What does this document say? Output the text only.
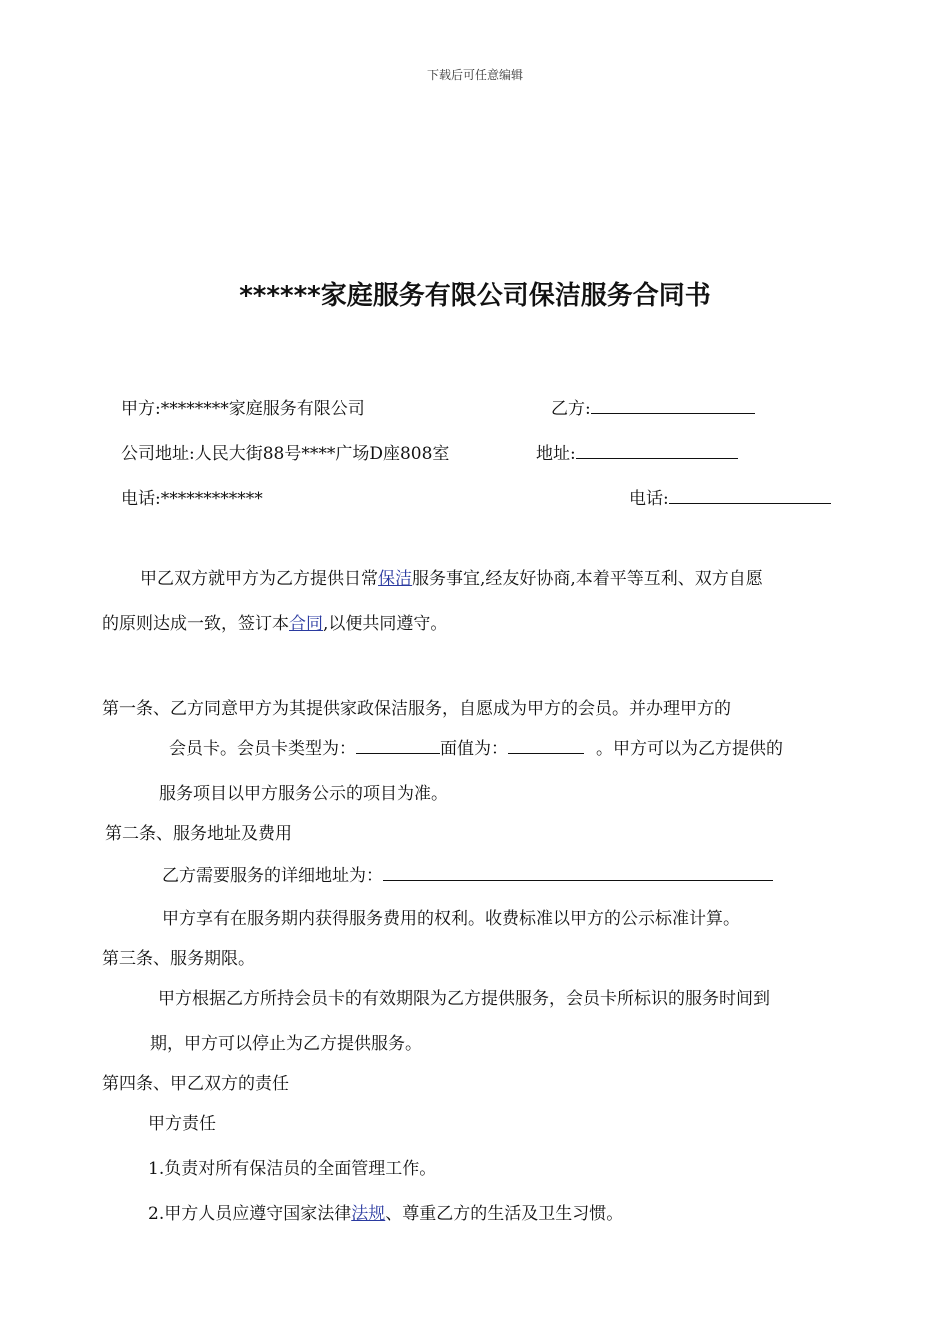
下载后可任意编辑
******家庭服务有限公司保洁服务合同书
甲方:********家庭服务有限公司	乙方:
公司地址:人民大街88号****广场D座808室	地址:
电话:************	电话:
甲乙双方就甲方为乙方提供日常保洁服务事宜,经友好协商,本着平等互利、双方自愿
的原则达成一致，签订本合同,以便共同遵守。
第一条、乙方同意甲方为其提供家政保洁服务，自愿成为甲方的会员。并办理甲方的
会员卡。会员卡类型为：	面值为：	。甲方可以为乙方提供的
服务项目以甲方服务公示的项目为准。
第二条、服务地址及费用
乙方需要服务的详细地址为：
甲方享有在服务期内获得服务费用的权利。收费标准以甲方的公示标准计算。
第三条、服务期限。
甲方根据乙方所持会员卡的有效期限为乙方提供服务，会员卡所标识的服务时间到
期，甲方可以停止为乙方提供服务。
第四条、甲乙双方的责任
甲方责任
1.负责对所有保洁员的全面管理工作。
2.甲方人员应遵守国家法律法规、尊重乙方的生活及卫生习惯。
